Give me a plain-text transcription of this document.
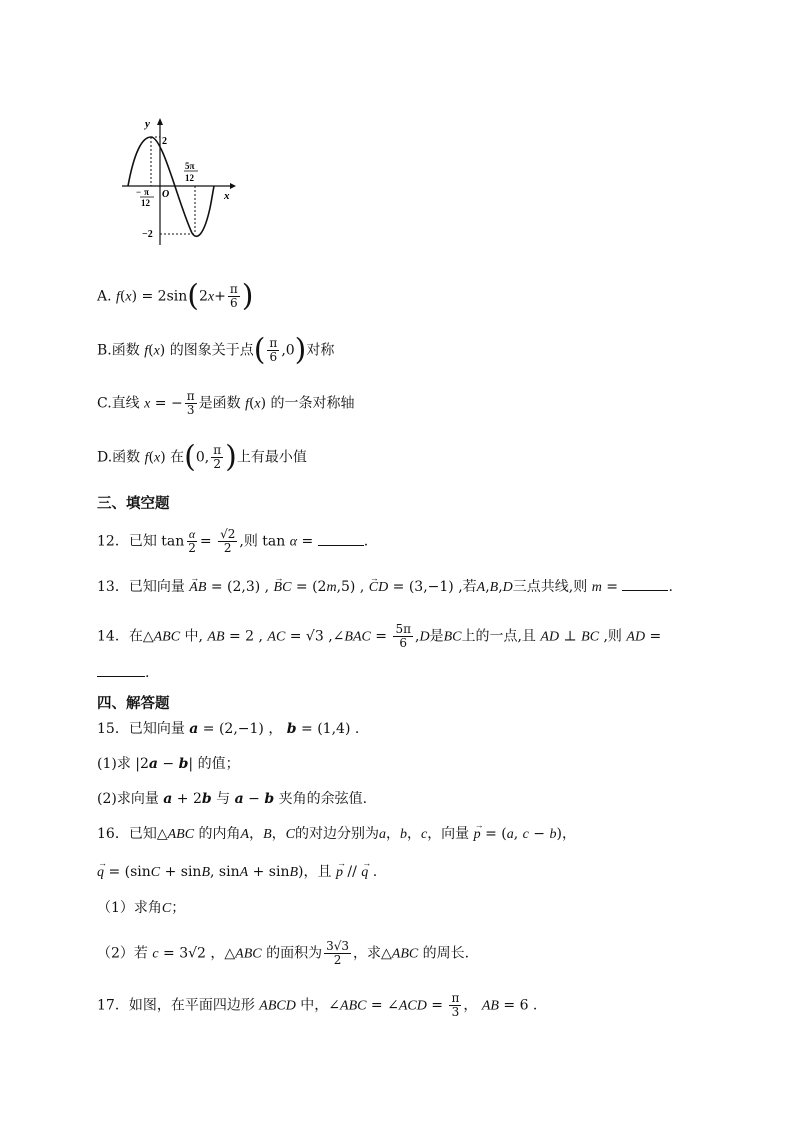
y
x
O
2
−2
− π
12
5π
12
A. $f(x) = 2\sin(2x+ \frac{\pi}{6}$ )
B.函数 f(x) 的图象关于点( $\frac{\pi}{6} ,0$)对称
C.直线 x = − $\frac{\pi}{3}$ 是函数 f(x) 的一条对称轴
D.函数 f(x) 在(0, $\frac{\pi}{2}$ )上有最小值
三、填空题
12．已知 $\tan \frac{\alpha}{2} = \frac{√2}{2}$ ,则 tan α =	.
13．已知向量 → AB = (2,3) , → BC = (2m,5) , → CD = (3,−1) ,若A,B,D三点共线,则 m =	.
14．在△ABC 中, AB = 2 , AC = √3 ,∠BAC = $\frac{5\pi}{6} ,D$是BC上的一点,且 AD ⊥ BC ,则 AD =
.
四、解答题
15．已知向量 a = (2,−1) ， b = (1,4) .
(1)求 |2a − b| 的值；
(2)求向量 a + 2b 与 a − b 夹角的余弦值.
16．已知△ABC 的内角A，B，C的对边分别为a，b，c，向量 → p = (a, c − b)，
→ q = (sinC + sinB, sinA + sinB)，且 → p // → q .
（1）求角C；
（2）若 c = 3√2 ，△ABC 的面积为 $\frac{3√3}{2}$ ，求△ABC 的周长.
17．如图，在平面四边形 ABCD 中，∠ABC = ∠ACD = $\frac{\pi}{3}$ ， AB = 6 .
